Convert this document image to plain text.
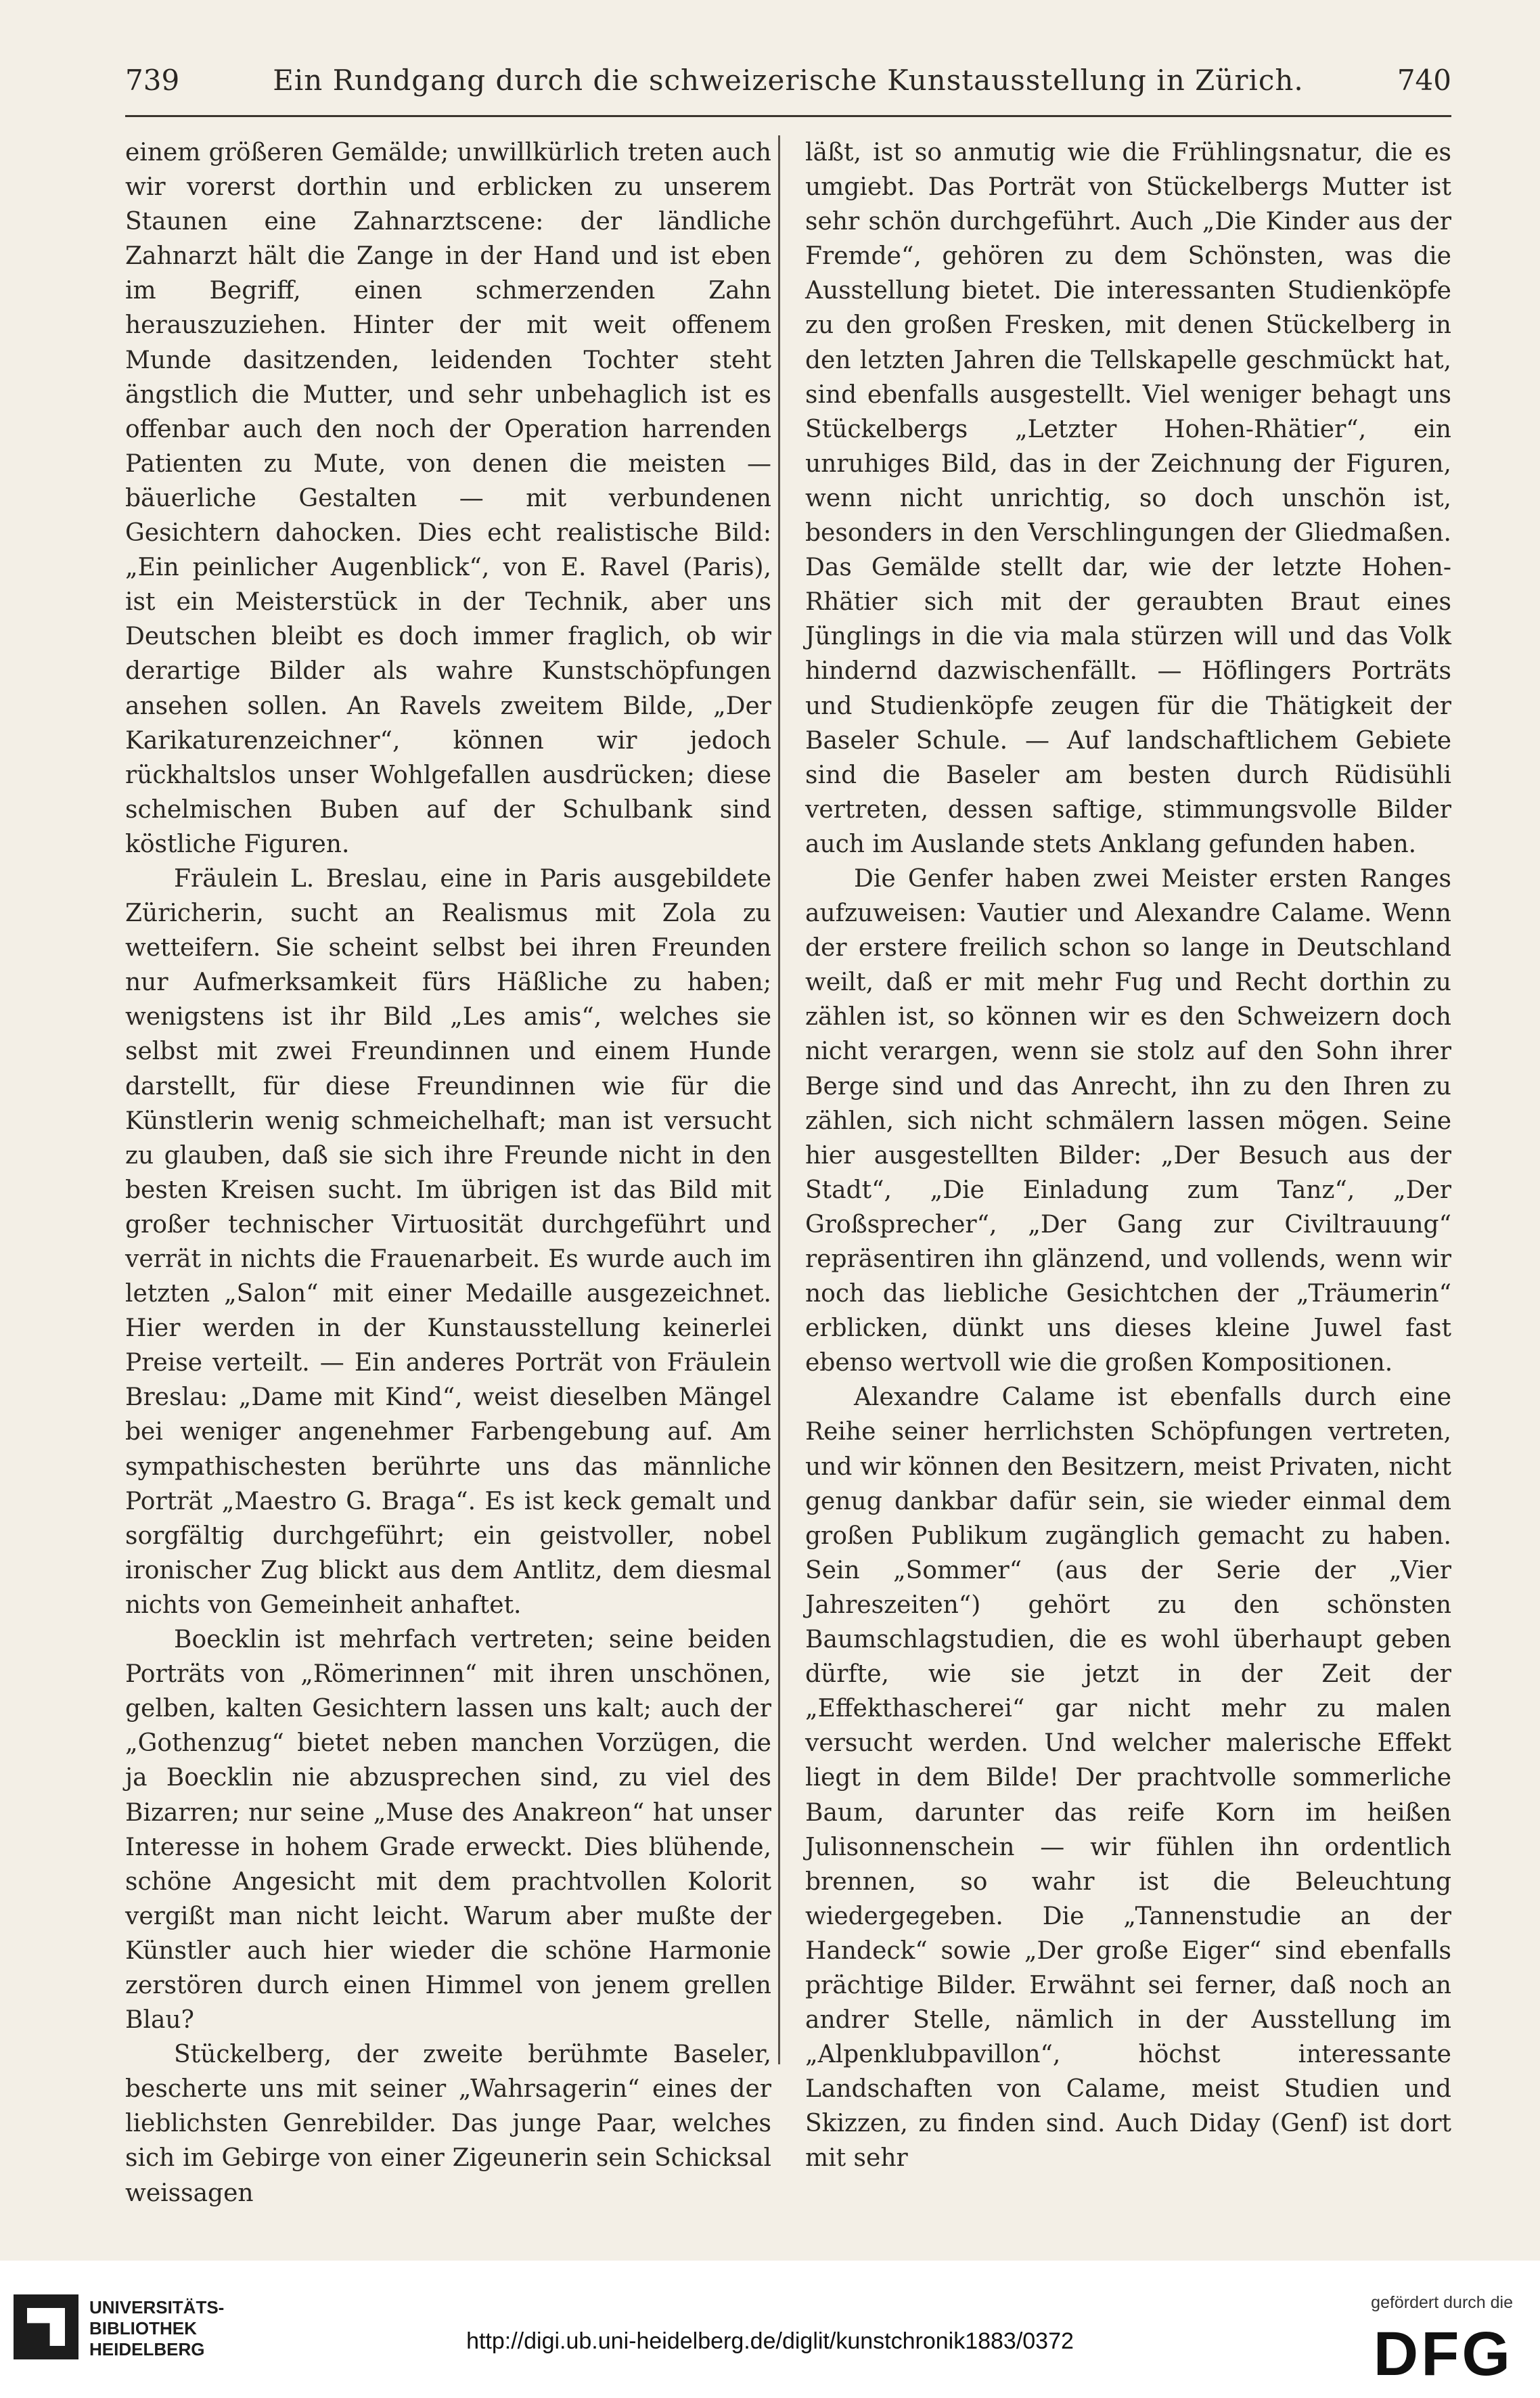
739	Ein Rundgang durch die schweizerische Kunstausstellung in Zürich.	740

einem größeren Gemälde; unwillkürlich treten auch wir vorerst dorthin und erblicken zu unserem Staunen eine Zahnarztscene: der ländliche Zahnarzt hält die Zange in der Hand und ist eben im Begriff, einen schmerzenden Zahn herauszuziehen. Hinter der mit weit offenem Munde dasitzenden, leidenden Tochter steht ängstlich die Mutter, und sehr unbehaglich ist es offenbar auch den noch der Operation harrenden Patienten zu Mute, von denen die meisten — bäuerliche Gestalten — mit verbundenen Gesichtern dahocken. Dies echt realistische Bild: „Ein peinlicher Augenblick“, von E. Ravel (Paris), ist ein Meisterstück in der Technik, aber uns Deutschen bleibt es doch immer fraglich, ob wir derartige Bilder als wahre Kunstschöpfungen ansehen sollen. An Ravels zweitem Bilde, „Der Karikaturenzeichner“, können wir jedoch rückhaltslos unser Wohlgefallen ausdrücken; diese schelmischen Buben auf der Schulbank sind köstliche Figuren.

Fräulein L. Breslau, eine in Paris ausgebildete Züricherin, sucht an Realismus mit Zola zu wetteifern. Sie scheint selbst bei ihren Freunden nur Aufmerksamkeit fürs Häßliche zu haben; wenigstens ist ihr Bild „Les amis“, welches sie selbst mit zwei Freundinnen und einem Hunde darstellt, für diese Freundinnen wie für die Künstlerin wenig schmeichelhaft; man ist versucht zu glauben, daß sie sich ihre Freunde nicht in den besten Kreisen sucht. Im übrigen ist das Bild mit großer technischer Virtuosität durchgeführt und verrät in nichts die Frauenarbeit. Es wurde auch im letzten „Salon“ mit einer Medaille ausgezeichnet. Hier werden in der Kunstausstellung keinerlei Preise verteilt. — Ein anderes Porträt von Fräulein Breslau: „Dame mit Kind“, weist dieselben Mängel bei weniger angenehmer Farbengebung auf. Am sympathischesten berührte uns das männliche Porträt „Maestro G. Braga“. Es ist keck gemalt und sorgfältig durchgeführt; ein geistvoller, nobel ironischer Zug blickt aus dem Antlitz, dem diesmal nichts von Gemeinheit anhaftet.

Boecklin ist mehrfach vertreten; seine beiden Porträts von „Römerinnen“ mit ihren unschönen, gelben, kalten Gesichtern lassen uns kalt; auch der „Gothenzug“ bietet neben manchen Vorzügen, die ja Boecklin nie abzusprechen sind, zu viel des Bizarren; nur seine „Muse des Anakreon“ hat unser Interesse in hohem Grade erweckt. Dies blühende, schöne Angesicht mit dem prachtvollen Kolorit vergißt man nicht leicht. Warum aber mußte der Künstler auch hier wieder die schöne Harmonie zerstören durch einen Himmel von jenem grellen Blau?

Stückelberg, der zweite berühmte Baseler, bescherte uns mit seiner „Wahrsagerin“ eines der lieblichsten Genrebilder. Das junge Paar, welches sich im Gebirge von einer Zigeunerin sein Schicksal weissagen

läßt, ist so anmutig wie die Frühlingsnatur, die es umgiebt. Das Porträt von Stückelbergs Mutter ist sehr schön durchgeführt. Auch „Die Kinder aus der Fremde“, gehören zu dem Schönsten, was die Ausstellung bietet. Die interessanten Studienköpfe zu den großen Fresken, mit denen Stückelberg in den letzten Jahren die Tellskapelle geschmückt hat, sind ebenfalls ausgestellt. Viel weniger behagt uns Stückelbergs „Letzter Hohen-Rhätier“, ein unruhiges Bild, das in der Zeichnung der Figuren, wenn nicht unrichtig, so doch unschön ist, besonders in den Verschlingungen der Gliedmaßen. Das Gemälde stellt dar, wie der letzte Hohen-Rhätier sich mit der geraubten Braut eines Jünglings in die via mala stürzen will und das Volk hindernd dazwischenfällt. — Höflingers Porträts und Studienköpfe zeugen für die Thätigkeit der Baseler Schule. — Auf landschaftlichem Gebiete sind die Baseler am besten durch Rüdisühli vertreten, dessen saftige, stimmungsvolle Bilder auch im Auslande stets Anklang gefunden haben.

Die Genfer haben zwei Meister ersten Ranges aufzuweisen: Vautier und Alexandre Calame. Wenn der erstere freilich schon so lange in Deutschland weilt, daß er mit mehr Fug und Recht dorthin zu zählen ist, so können wir es den Schweizern doch nicht verargen, wenn sie stolz auf den Sohn ihrer Berge sind und das Anrecht, ihn zu den Ihren zu zählen, sich nicht schmälern lassen mögen. Seine hier ausgestellten Bilder: „Der Besuch aus der Stadt“, „Die Einladung zum Tanz“, „Der Großsprecher“, „Der Gang zur Civiltrauung“ repräsentiren ihn glänzend, und vollends, wenn wir noch das liebliche Gesichtchen der „Träumerin“ erblicken, dünkt uns dieses kleine Juwel fast ebenso wertvoll wie die großen Kompositionen.

Alexandre Calame ist ebenfalls durch eine Reihe seiner herrlichsten Schöpfungen vertreten, und wir können den Besitzern, meist Privaten, nicht genug dankbar dafür sein, sie wieder einmal dem großen Publikum zugänglich gemacht zu haben. Sein „Sommer“ (aus der Serie der „Vier Jahreszeiten“) gehört zu den schönsten Baumschlagstudien, die es wohl überhaupt geben dürfte, wie sie jetzt in der Zeit der „Effekthascherei“ gar nicht mehr zu malen versucht werden. Und welcher malerische Effekt liegt in dem Bilde! Der prachtvolle sommerliche Baum, darunter das reife Korn im heißen Julisonnenschein — wir fühlen ihn ordentlich brennen, so wahr ist die Beleuchtung wiedergegeben. Die „Tannenstudie an der Handeck“ sowie „Der große Eiger“ sind ebenfalls prächtige Bilder. Erwähnt sei ferner, daß noch an andrer Stelle, nämlich in der Ausstellung im „Alpenklubpavillon“, höchst interessante Landschaften von Calame, meist Studien und Skizzen, zu finden sind. Auch Diday (Genf) ist dort mit sehr

UNIVERSITÄTS-
BIBLIOTHEK
HEIDELBERG	http://digi.ub.uni-heidelberg.de/diglit/kunstchronik1883/0372
gefördert durch die
DFG
